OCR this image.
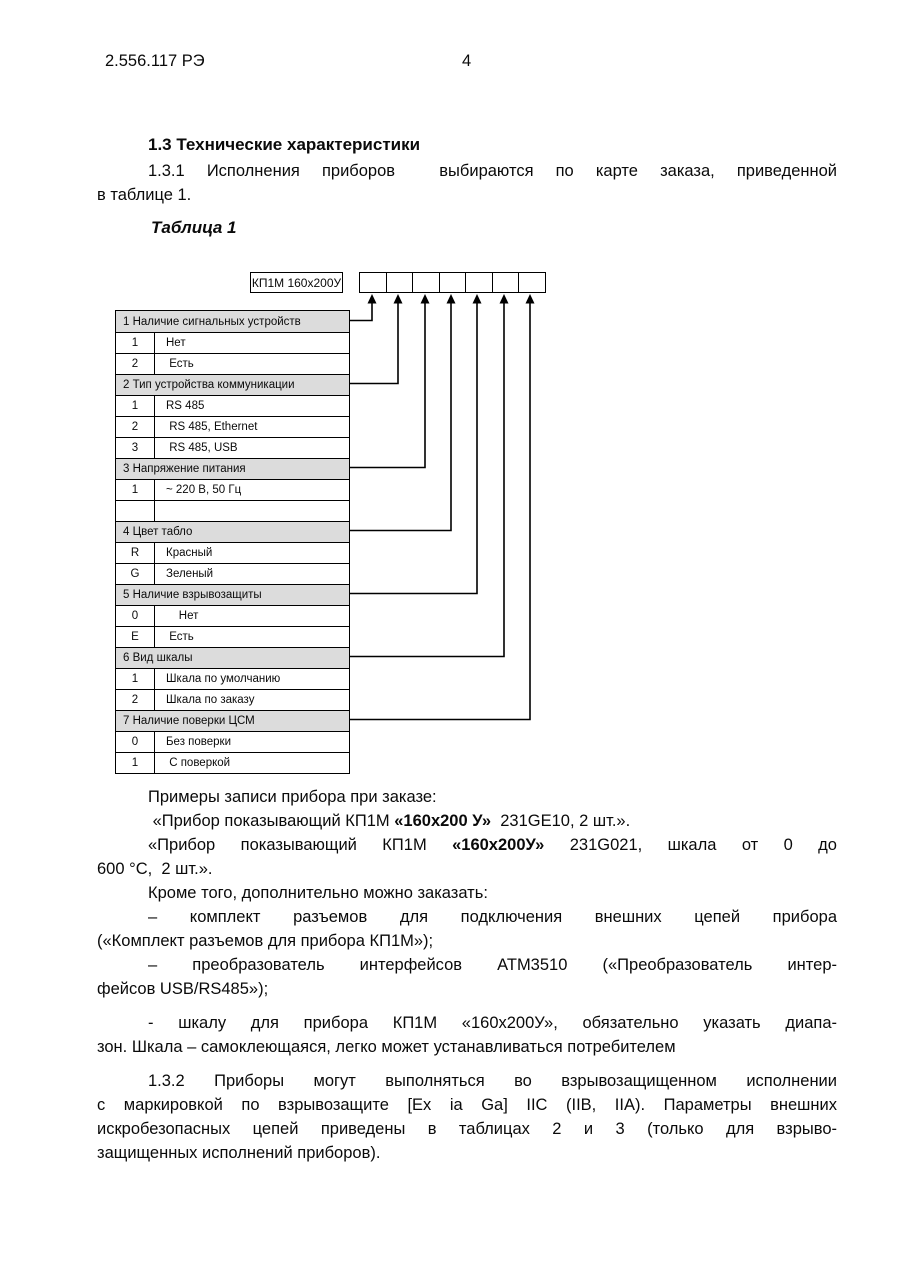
2.556.117 РЭ	4
1.3 Технические характеристики
1.3.1 Исполнения приборов  выбираются по карте заказа, приведенной
в таблице 1.
Таблица 1
КП1М 160x200У
1 Наличие сигнальных устройств
1	Нет
2	Есть
2 Тип устройства коммуникации
1	RS 485
2	RS 485, Ethernet
3	RS 485, USB
3 Напряжение питания
1	~ 220 В, 50 Гц
4 Цвет табло
R	Красный
G	Зеленый
5 Наличие взрывозащиты
0	Нет
E	Есть
6 Вид шкалы
1	Шкала по умолчанию
2	Шкала по заказу
7 Наличие поверки ЦСМ
0	Без поверки
1	С поверкой
Примеры записи прибора при заказе:
«Прибор показывающий КП1М «160x200 У»  231GE10, 2 шт.».
«Прибор показывающий КП1М «160x200У» 231G021, шкала от 0 до
600 °С,  2 шт.».
Кроме того, дополнительно можно заказать:
– комплект разъемов для подключения внешних цепей прибора
(«Комплект разъемов для прибора КП1М»);
– преобразователь интерфейсов АТМ3510 («Преобразователь интер-
фейсов USB/RS485»);
- шкалу для прибора КП1М «160x200У», обязательно указать диапа-
зон. Шкала – самоклеющаяся, легко может устанавливаться потребителем
1.3.2 Приборы могут выполняться во взрывозащищенном исполнении
с маркировкой по взрывозащите [Ex ia Ga] IIC (IIB, IIA). Параметры внешних
искробезопасных цепей приведены в таблицах 2 и 3 (только для взрыво-
защищенных исполнений приборов).
